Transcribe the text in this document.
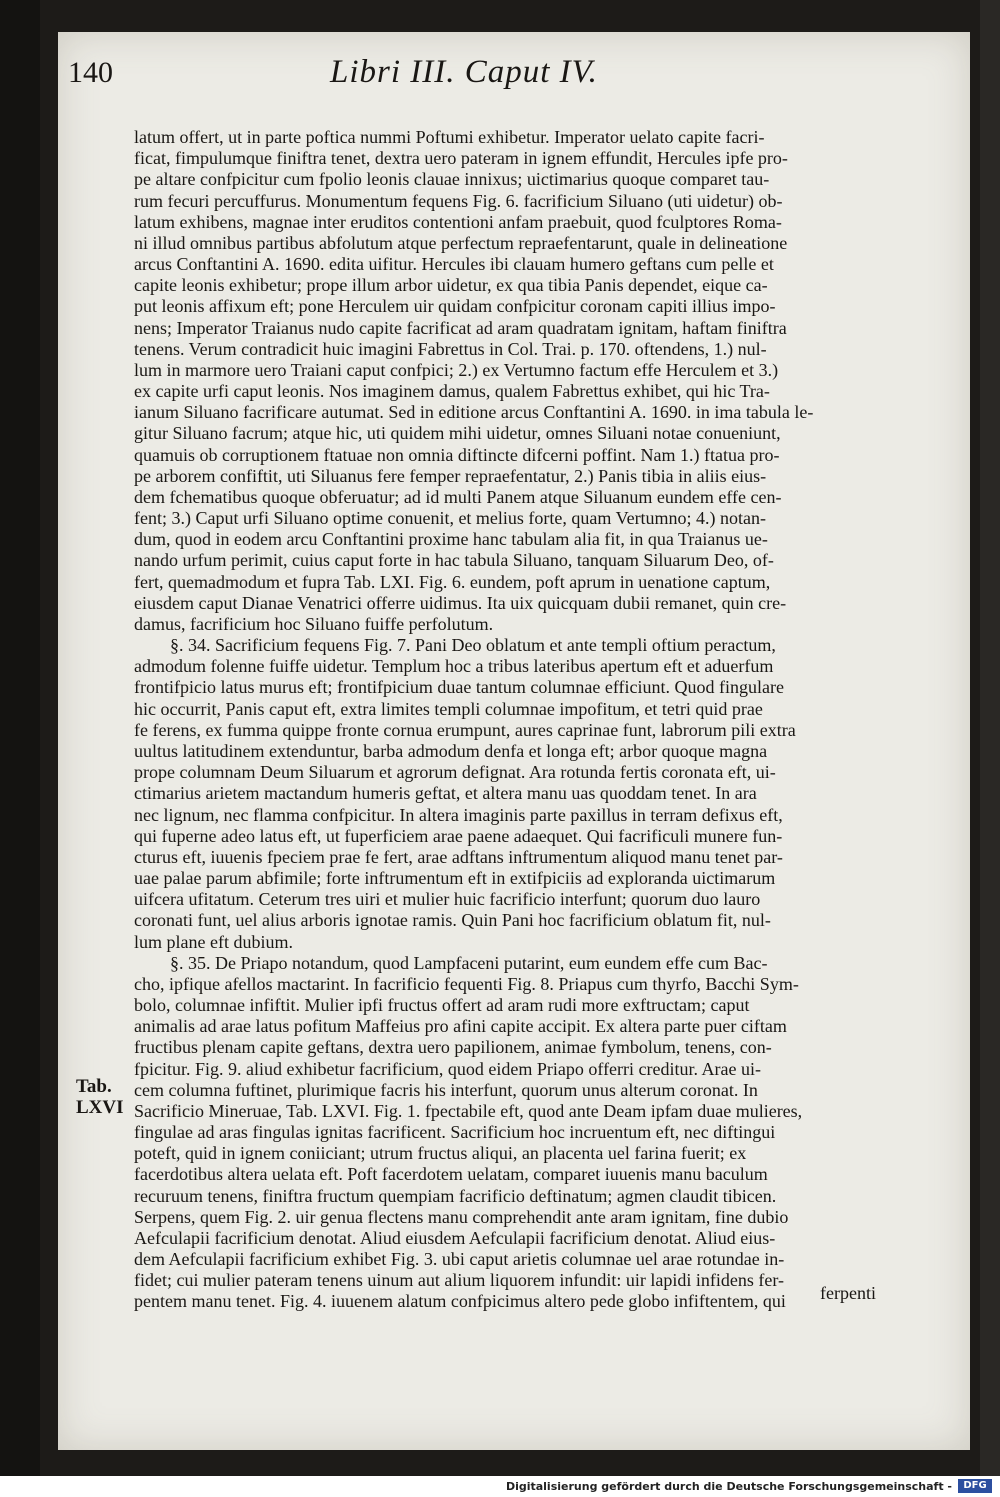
140	Libri III. Caput IV.
Tab.
LXVI
latum offert, ut in parte poftica nummi Poftumi exhibetur. Imperator uelato capite facri-
ficat, fimpulumque finiftra tenet, dextra uero pateram in ignem effundit, Hercules ipfe pro-
pe altare confpicitur cum fpolio leonis clauae innixus; uictimarius quoque comparet tau-
rum fecuri percuffurus. Monumentum fequens Fig. 6. facrificium Siluano (uti uidetur) ob-
latum exhibens, magnae inter eruditos contentioni anfam praebuit, quod fculptores Roma-
ni illud omnibus partibus abfolutum atque perfectum repraefentarunt, quale in delineatione
arcus Conftantini A. 1690. edita uifitur. Hercules ibi clauam humero geftans cum pelle et
capite leonis exhibetur; prope illum arbor uidetur, ex qua tibia Panis dependet, eique ca-
put leonis affixum eft; pone Herculem uir quidam confpicitur coronam capiti illius impo-
nens; Imperator Traianus nudo capite facrificat ad aram quadratam ignitam, haftam finiftra
tenens. Verum contradicit huic imagini Fabrettus in Col. Trai. p. 170. oftendens, 1.) nul-
lum in marmore uero Traiani caput confpici; 2.) ex Vertumno factum effe Herculem et 3.)
ex capite urfi caput leonis. Nos imaginem damus, qualem Fabrettus exhibet, qui hic Tra-
ianum Siluano facrificare autumat. Sed in editione arcus Conftantini A. 1690. in ima tabula le-
gitur Siluano facrum; atque hic, uti quidem mihi uidetur, omnes Siluani notae conueniunt,
quamuis ob corruptionem ftatuae non omnia diftincte difcerni poffint. Nam 1.) ftatua pro-
pe arborem confiftit, uti Siluanus fere femper repraefentatur, 2.) Panis tibia in aliis eius-
dem fchematibus quoque obferuatur; ad id multi Panem atque Siluanum eundem effe cen-
fent; 3.) Caput urfi Siluano optime conuenit, et melius forte, quam Vertumno; 4.) notan-
dum, quod in eodem arcu Conftantini proxime hanc tabulam alia fit, in qua Traianus ue-
nando urfum perimit, cuius caput forte in hac tabula Siluano, tanquam Siluarum Deo, of-
fert, quemadmodum et fupra Tab. LXI. Fig. 6. eundem, poft aprum in uenatione captum,
eiusdem caput Dianae Venatrici offerre uidimus. Ita uix quicquam dubii remanet, quin cre-
damus, facrificium hoc Siluano fuiffe perfolutum.
§. 34. Sacrificium fequens Fig. 7. Pani Deo oblatum et ante templi oftium peractum,
admodum folenne fuiffe uidetur. Templum hoc a tribus lateribus apertum eft et aduerfum
frontifpicio latus murus eft; frontifpicium duae tantum columnae efficiunt. Quod fingulare
hic occurrit, Panis caput eft, extra limites templi columnae impofitum, et tetri quid prae
fe ferens, ex fumma quippe fronte cornua erumpunt, aures caprinae funt, labrorum pili extra
uultus latitudinem extenduntur, barba admodum denfa et longa eft; arbor quoque magna
prope columnam Deum Siluarum et agrorum defignat. Ara rotunda fertis coronata eft, ui-
ctimarius arietem mactandum humeris geftat, et altera manu uas quoddam tenet. In ara
nec lignum, nec flamma confpicitur. In altera imaginis parte paxillus in terram defixus eft,
qui fuperne adeo latus eft, ut fuperficiem arae paene adaequet. Qui facrificuli munere fun-
cturus eft, iuuenis fpeciem prae fe fert, arae adftans inftrumentum aliquod manu tenet par-
uae palae parum abfimile; forte inftrumentum eft in extifpiciis ad exploranda uictimarum
uifcera ufitatum. Ceterum tres uiri et mulier huic facrificio interfunt; quorum duo lauro
coronati funt, uel alius arboris ignotae ramis. Quin Pani hoc facrificium oblatum fit, nul-
lum plane eft dubium.
§. 35. De Priapo notandum, quod Lampfaceni putarint, eum eundem effe cum Bac-
cho, ipfique afellos mactarint. In facrificio fequenti Fig. 8. Priapus cum thyrfo, Bacchi Sym-
bolo, columnae infiftit. Mulier ipfi fructus offert ad aram rudi more exftructam; caput
animalis ad arae latus pofitum Maffeius pro afini capite accipit. Ex altera parte puer ciftam
fructibus plenam capite geftans, dextra uero papilionem, animae fymbolum, tenens, con-
fpicitur. Fig. 9. aliud exhibetur facrificium, quod eidem Priapo offerri creditur. Arae ui-
cem columna fuftinet, plurimique facris his interfunt, quorum unus alterum coronat. In
Sacrificio Mineruae, Tab. LXVI. Fig. 1. fpectabile eft, quod ante Deam ipfam duae mulieres,
fingulae ad aras fingulas ignitas facrificent. Sacrificium hoc incruentum eft, nec diftingui
poteft, quid in ignem coniiciant; utrum fructus aliqui, an placenta uel farina fuerit; ex
facerdotibus altera uelata eft. Poft facerdotem uelatam, comparet iuuenis manu baculum
recuruum tenens, finiftra fructum quempiam facrificio deftinatum; agmen claudit tibicen.
Serpens, quem Fig. 2. uir genua flectens manu comprehendit ante aram ignitam, fine dubio
Aefculapii facrificium denotat. Aliud eiusdem Aefculapii facrificium denotat. Aliud eius-
dem Aefculapii facrificium exhibet Fig. 3. ubi caput arietis columnae uel arae rotundae in-
fidet; cui mulier pateram tenens uinum aut alium liquorem infundit: uir lapidi infidens fer-
pentem manu tenet. Fig. 4. iuuenem alatum confpicimus altero pede globo infiftentem, qui	ferpenti
Digitalisierung gefördert durch die Deutsche Forschungsgemeinschaft -	DFG
